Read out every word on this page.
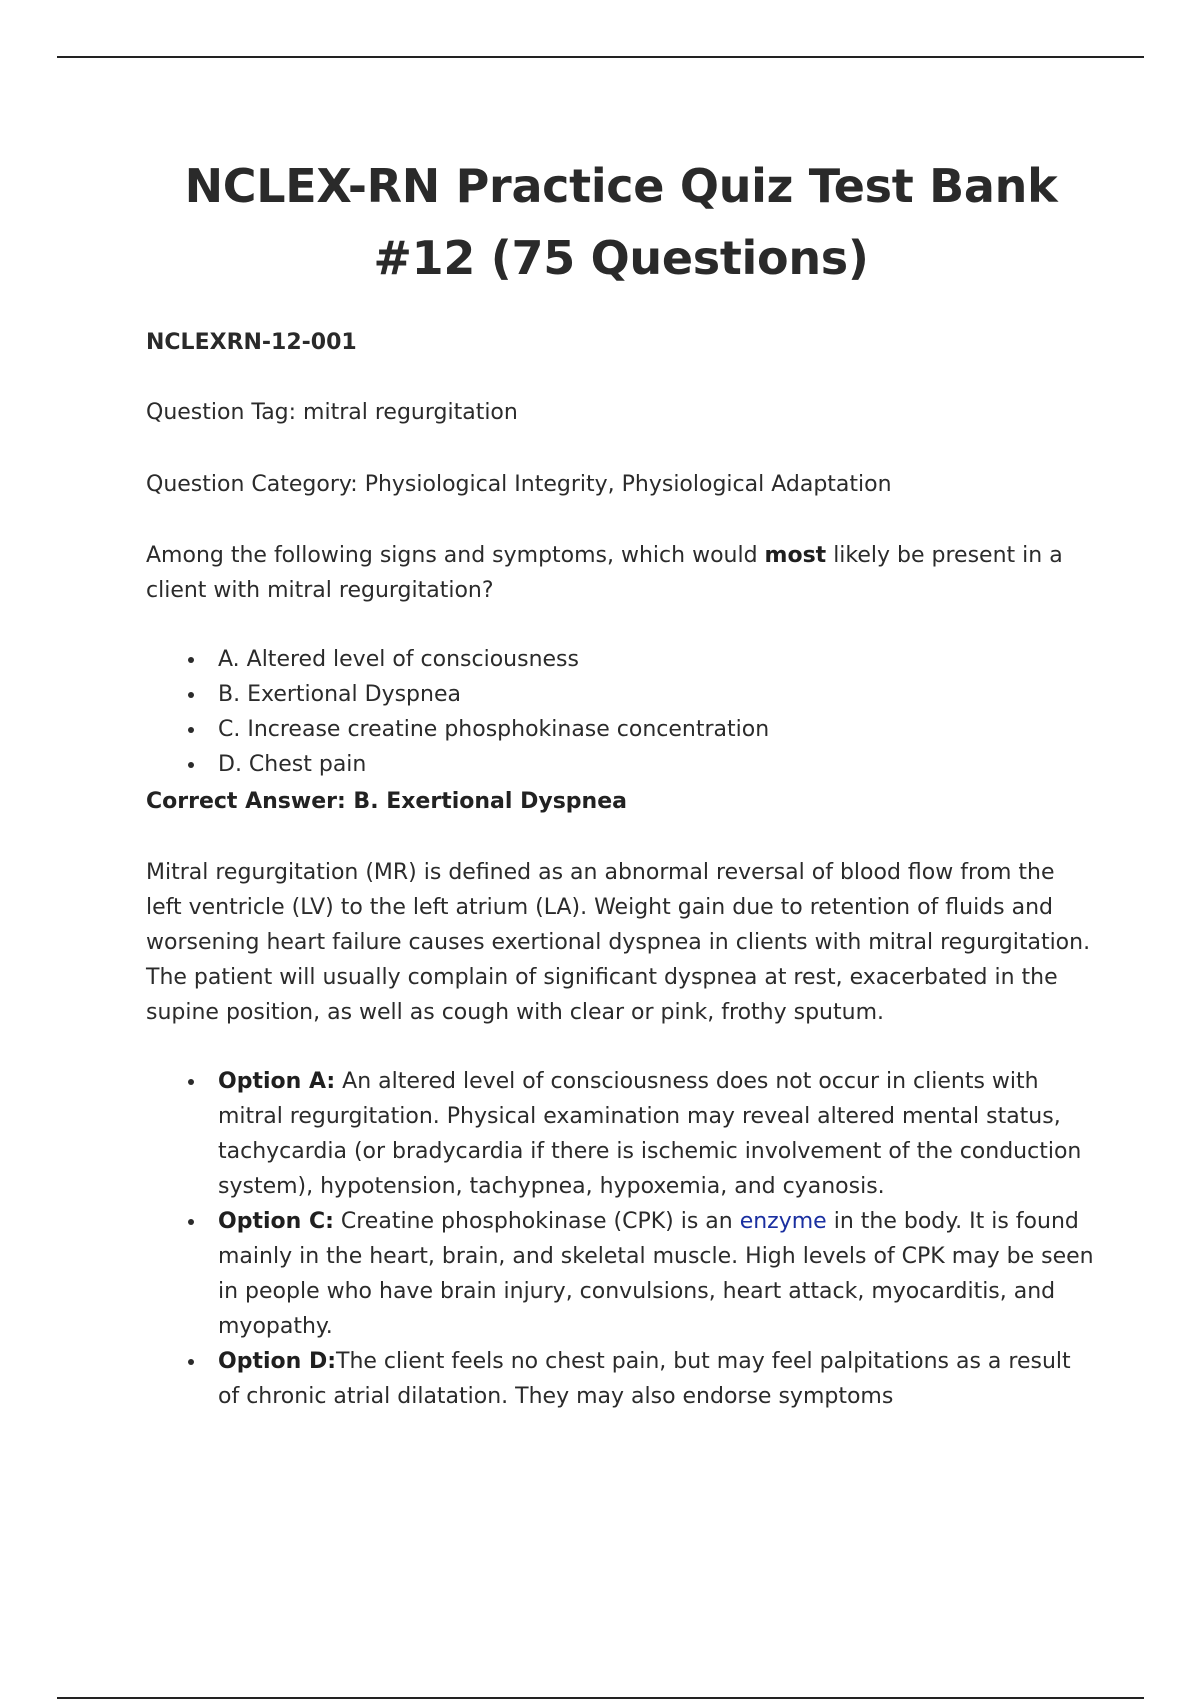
NCLEX-RN Practice Quiz Test Bank #12 (75 Questions)
NCLEXRN-12-001
Question Tag: mitral regurgitation
Question Category: Physiological Integrity, Physiological Adaptation
Among the following signs and symptoms, which would most likely be present in a client with mitral regurgitation?
A. Altered level of consciousness
B. Exertional Dyspnea
C. Increase creatine phosphokinase concentration
D. Chest pain
Correct Answer: B. Exertional Dyspnea
Mitral regurgitation (MR) is defined as an abnormal reversal of blood flow from the left ventricle (LV) to the left atrium (LA). Weight gain due to retention of fluids and worsening heart failure causes exertional dyspnea in clients with mitral regurgitation. The patient will usually complain of significant dyspnea at rest, exacerbated in the supine position, as well as cough with clear or pink, frothy sputum.
Option A: An altered level of consciousness does not occur in clients with mitral regurgitation. Physical examination may reveal altered mental status, tachycardia (or bradycardia if there is ischemic involvement of the conduction system), hypotension, tachypnea, hypoxemia, and cyanosis.
Option C: Creatine phosphokinase (CPK) is an enzyme in the body. It is found mainly in the heart, brain, and skeletal muscle. High levels of CPK may be seen in people who have brain injury, convulsions, heart attack, myocarditis, and myopathy.
Option D:The client feels no chest pain, but may feel palpitations as a result of chronic atrial dilatation. They may also endorse symptoms
